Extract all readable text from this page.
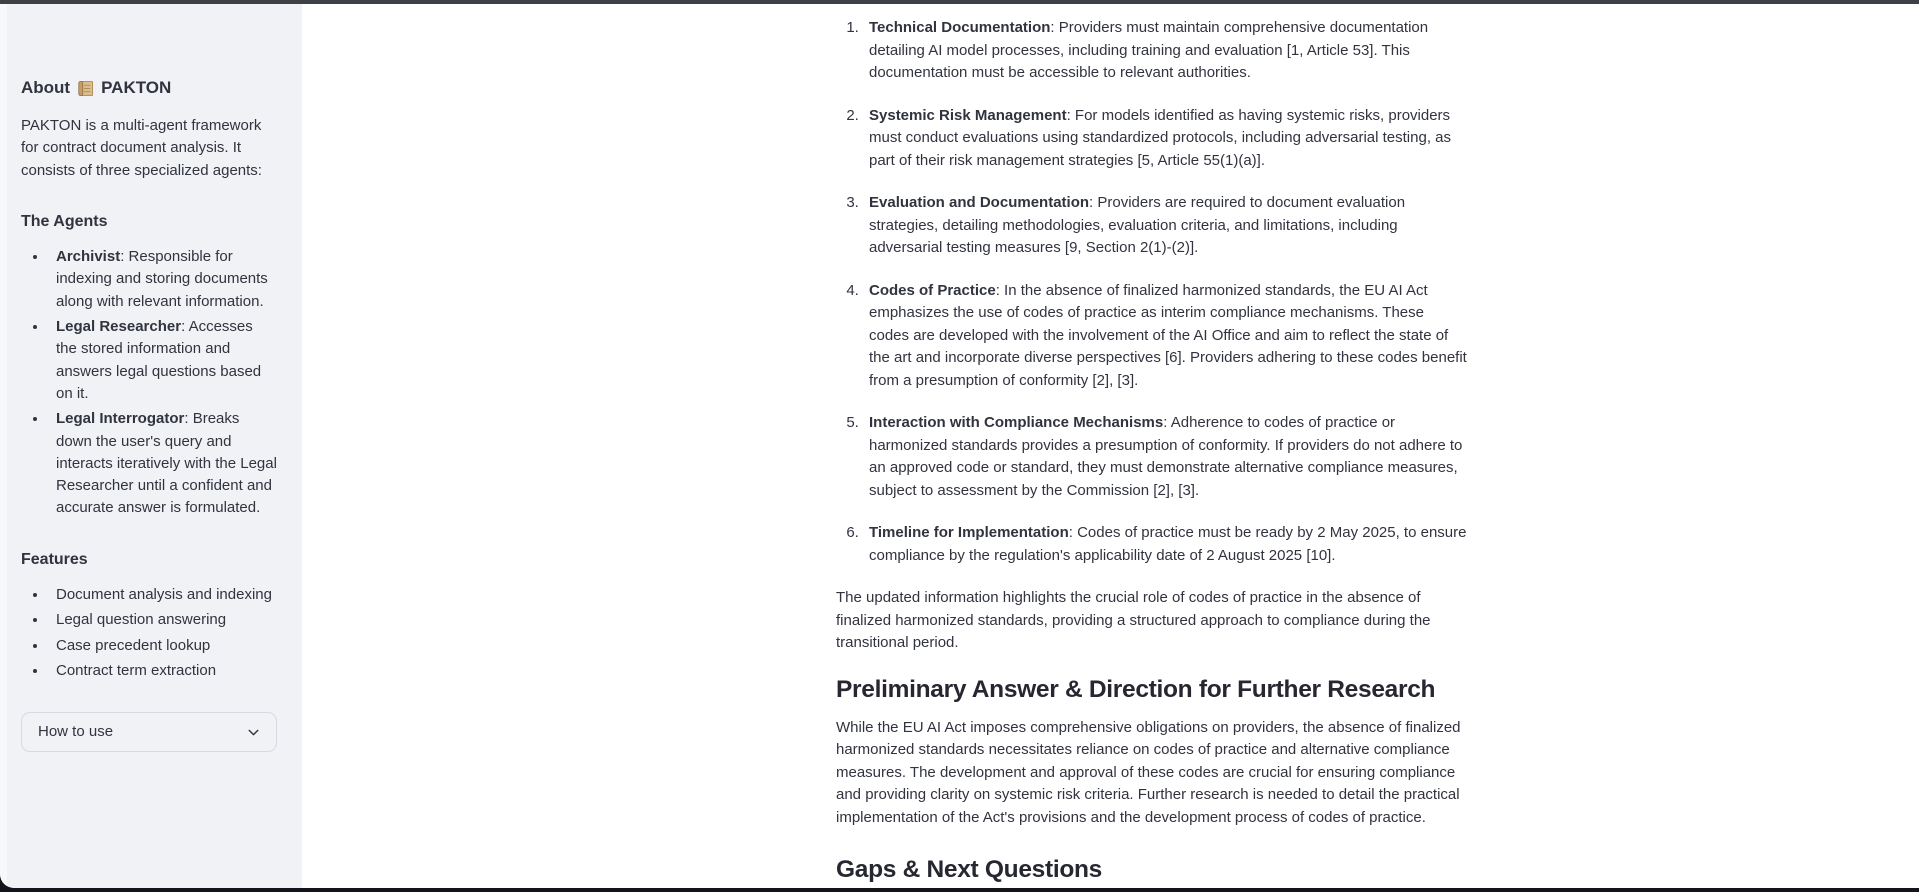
About PAKTON

PAKTON is a multi-agent framework for contract document analysis. It consists of three specialized agents:

The Agents
• Archivist: Responsible for indexing and storing documents along with relevant information.
• Legal Researcher: Accesses the stored information and answers legal questions based on it.
• Legal Interrogator: Breaks down the user's query and interacts iteratively with the Legal Researcher until a confident and accurate answer is formulated.
Features
• Document analysis and indexing
• Legal question answering
• Case precedent lookup
• Contract term extraction
How to use
1. Technical Documentation: Providers must maintain comprehensive documentation detailing AI model processes, including training and evaluation [1, Article 53]. This documentation must be accessible to relevant authorities.
2. Systemic Risk Management: For models identified as having systemic risks, providers must conduct evaluations using standardized protocols, including adversarial testing, as part of their risk management strategies [5, Article 55(1)(a)].
3. Evaluation and Documentation: Providers are required to document evaluation strategies, detailing methodologies, evaluation criteria, and limitations, including adversarial testing measures [9, Section 2(1)-(2)].
4. Codes of Practice: In the absence of finalized harmonized standards, the EU AI Act emphasizes the use of codes of practice as interim compliance mechanisms. These codes are developed with the involvement of the AI Office and aim to reflect the state of the art and incorporate diverse perspectives [6]. Providers adhering to these codes benefit from a presumption of conformity [2], [3].
5. Interaction with Compliance Mechanisms: Adherence to codes of practice or harmonized standards provides a presumption of conformity. If providers do not adhere to an approved code or standard, they must demonstrate alternative compliance measures, subject to assessment by the Commission [2], [3].
6. Timeline for Implementation: Codes of practice must be ready by 2 May 2025, to ensure compliance by the regulation's applicability date of 2 August 2025 [10].

The updated information highlights the crucial role of codes of practice in the absence of finalized harmonized standards, providing a structured approach to compliance during the transitional period.

Preliminary Answer & Direction for Further Research

While the EU AI Act imposes comprehensive obligations on providers, the absence of finalized harmonized standards necessitates reliance on codes of practice and alternative compliance measures. The development and approval of these codes are crucial for ensuring compliance and providing clarity on systemic risk criteria. Further research is needed to detail the practical implementation of the Act's provisions and the development process of codes of practice.

Gaps & Next Questions
